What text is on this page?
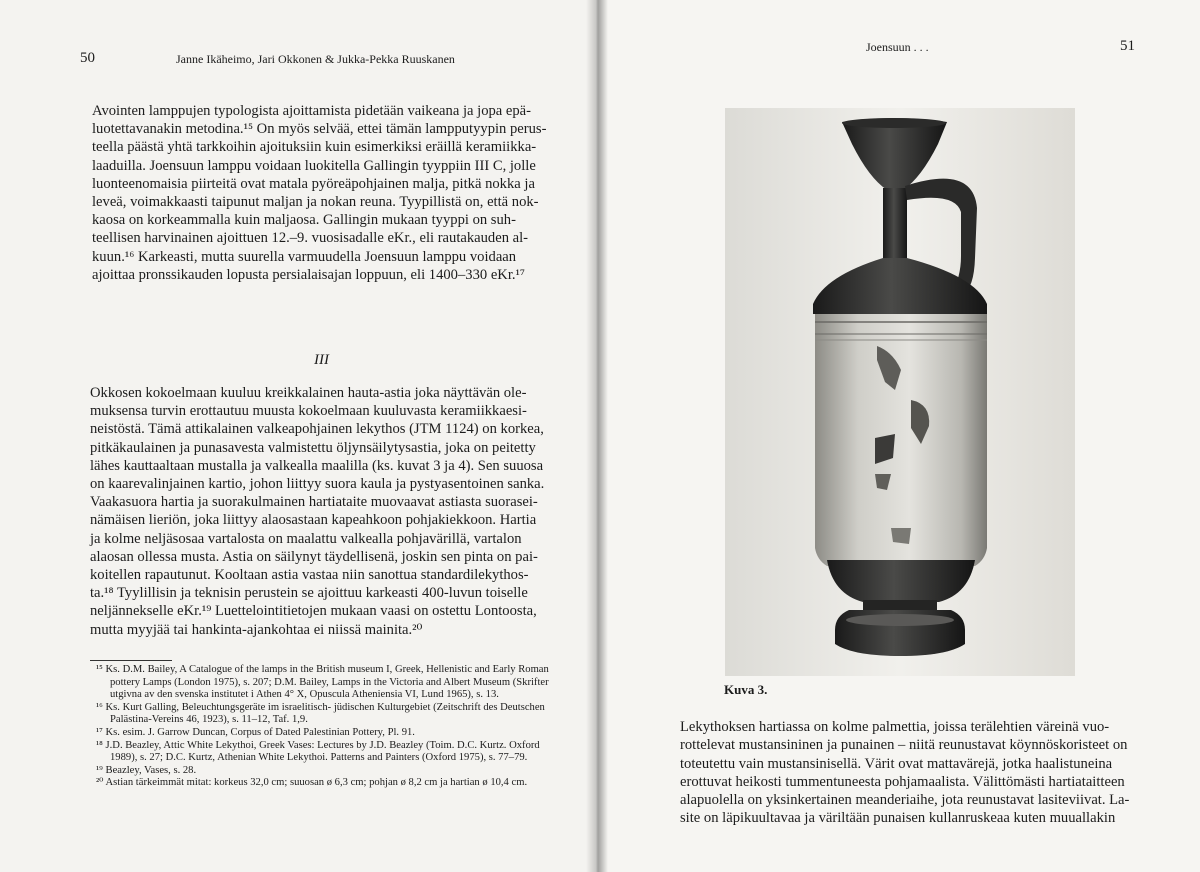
50	Janne Ikäheimo, Jari Okkonen & Jukka-Pekka Ruuskanen

Avointen lamppujen typologista ajoittamista pidetään vaikeana ja jopa epä-
luotettavanakin metodina.¹⁵ On myös selvää, ettei tämän lampputyypin perus-
teella päästä yhtä tarkkoihin ajoituksiin kuin esimerkiksi eräillä keramiikka-
laaduilla. Joensuun lamppu voidaan luokitella Gallingin tyyppiin III C, jolle
luonteenomaisia piirteitä ovat matala pyöreäpohjainen malja, pitkä nokka ja
leveä, voimakkaasti taipunut maljan ja nokan reuna. Tyypillistä on, että nok-
kaosa on korkeammalla kuin maljaosa. Gallingin mukaan tyyppi on suh-
teellisen harvinainen ajoittuen 12.–9. vuosisadalle eKr., eli rautakauden al-
kuun.¹⁶ Karkeasti, mutta suurella varmuudella Joensuun lamppu voidaan
ajoittaa pronssikauden lopusta persialaisajan loppuun, eli 1400–330 eKr.¹⁷

III

Okkosen kokoelmaan kuuluu kreikkalainen hauta-astia joka näyttävän ole-
muksensa turvin erottautuu muusta kokoelmaan kuuluvasta keramiikkaesi-
neistöstä. Tämä attikalainen valkeapohjainen lekythos (JTM 1124) on korkea,
pitkäkaulainen ja punasavesta valmistettu öljynsäilytysastia, joka on peitetty
lähes kauttaaltaan mustalla ja valkealla maalilla (ks. kuvat 3 ja 4). Sen suuosa
on kaarevalinjainen kartio, johon liittyy suora kaula ja pystyasentoinen sanka.
Vaakasuora hartia ja suorakulmainen hartiataite muovaavat astiasta suorasei-
nämäisen lieriön, joka liittyy alaosastaan kapeahkoon pohjakiekkoon. Hartia
ja kolme neljäsosaa vartalosta on maalattu valkealla pohjavärillä, vartalon
alaosan ollessa musta. Astia on säilynyt täydellisenä, joskin sen pinta on pai-
koitellen rapautunut. Kooltaan astia vastaa niin sanottua standardilekythos-
ta.¹⁸ Tyylillisin ja teknisin perustein se ajoittuu karkeasti 400-luvun toiselle
neljännekselle eKr.¹⁹ Luettelointitietojen mukaan vaasi on ostettu Lontoosta,
mutta myyjää tai hankinta-ajankohtaa ei niissä mainita.²⁰

¹⁵ Ks. D.M. Bailey, A Catalogue of the lamps in the British museum I, Greek, Hellenistic and Early Roman pottery Lamps (London 1975), s. 207; D.M. Bailey, Lamps in the Victoria and Albert Museum (Skrifter utgivna av den svenska institutet i Athen 4° X, Opuscula Atheniensia VI, Lund 1965), s. 13.

¹⁶ Ks. Kurt Galling, Beleuchtungsgeräte im israelitisch- jüdischen Kulturgebiet (Zeitschrift des Deutschen Palästina-Vereins 46, 1923), s. 11–12, Taf. 1,9.

¹⁷ Ks. esim. J. Garrow Duncan, Corpus of Dated Palestinian Pottery, Pl. 91.

¹⁸ J.D. Beazley, Attic White Lekythoi, Greek Vases: Lectures by J.D. Beazley (Toim. D.C. Kurtz. Oxford 1989), s. 27; D.C. Kurtz, Athenian White Lekythoi. Patterns and Painters (Oxford 1975), s. 77–79.

¹⁹ Beazley, Vases, s. 28.

²⁰ Astian tärkeimmät mitat: korkeus 32,0 cm; suuosan ø 6,3 cm; pohjan ø 8,2 cm ja hartian ø 10,4 cm.

Joensuun . . .	51
Kuva 3.
Lekythoksen hartiassa on kolme palmettia, joissa terälehtien väreinä vuo-
rottelevat mustansininen ja punainen – niitä reunustavat köynnöskoristeet on
toteutettu vain mustansinisellä. Värit ovat mattavärejä, jotka haalistuneina
erottuvat heikosti tummentuneesta pohjamaalista. Välittömästi hartiataitteen
alapuolella on yksinkertainen meanderiaihe, jota reunustavat lasiteviivat. La-
site on läpikuultavaa ja väriltään punaisen kullanruskeaa kuten muuallakin
